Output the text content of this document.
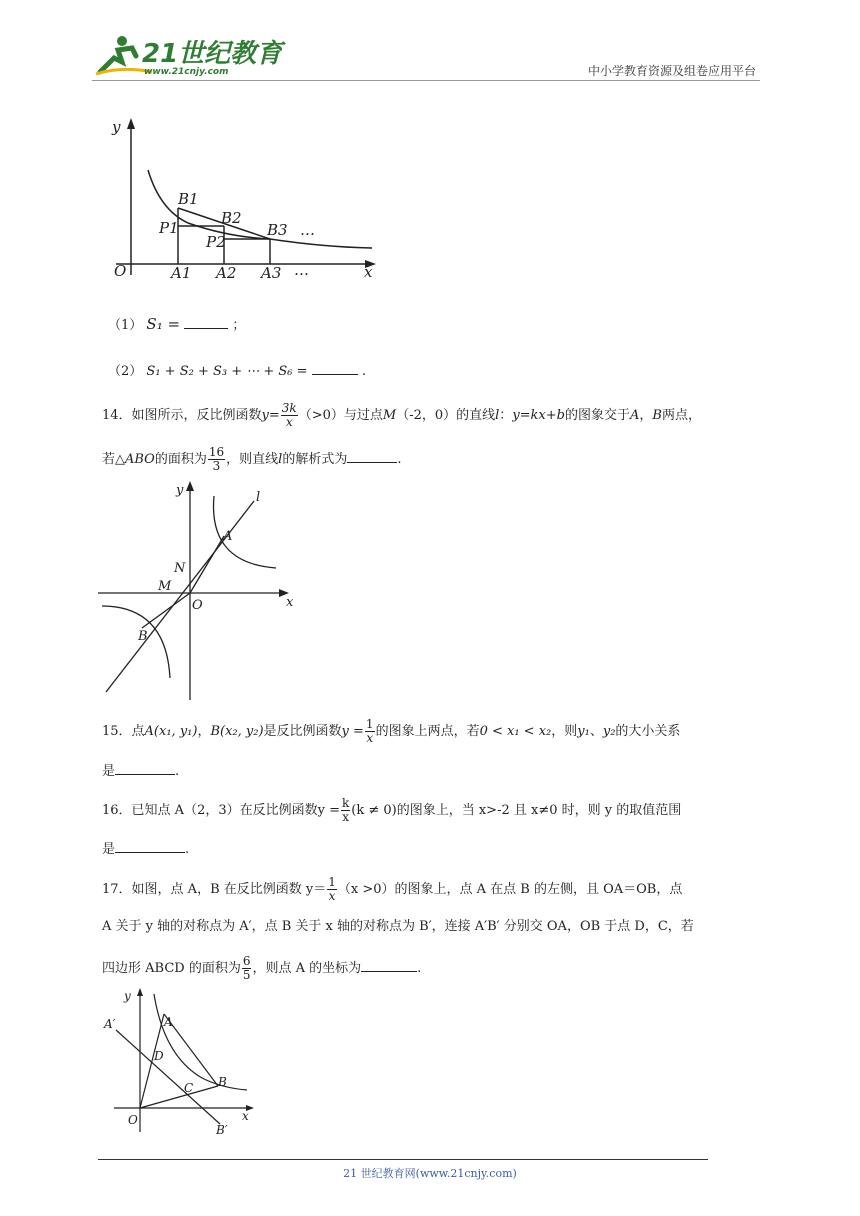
21世纪教育
www.21cnjy.com	中小学教育资源及组卷应用平台
y
x
O
B1
B2
B3 …
P1
P2
A1 A2 A3 …
（1） S₁ =	；
（2） S₁ + S₂ + S₃ + ⋯ + S₆ =	.
14．如图所示，反比例函数$y= \frac{3k}{x} (>0)$与过点M（-2，0）的直线l：y=kx+b的图象交于A，B两点，
若△ABO的面积为 $\frac{16}{3}$ ，则直线l的解析式为	.
y
x
l
A
N
M
O
B
15．点A(x₁, y₁)，B(x₂, y₂)是反比例函数$y = \frac{1}{x}$ 的图象上两点，若0 < x₁ < x₂，则y₁、y₂的大小关系
是	.
16．已知点 A（2，3）在反比例函数$y = \frac{k}{x} (k \ne 0)$的图象上，当 x>-2 且 x≠0 时，则 y 的取值范围
是	.
17．如图，点 A，B 在反比例函数 $y= \frac{1}{x} (x >0)$的图象上，点 A 在点 B 的左侧，且 OA＝OB，点
A 关于 y 轴的对称点为 A′，点 B 关于 x 轴的对称点为 B′，连接 A′B′ 分别交 OA，OB 于点 D，C，若
四边形 ABCD 的面积为 $\frac{6}{5}$ ，则点 A 的坐标为	.
y
x
A′	A
D
C B
O
B′
21 世纪教育网(www.21cnjy.com)
